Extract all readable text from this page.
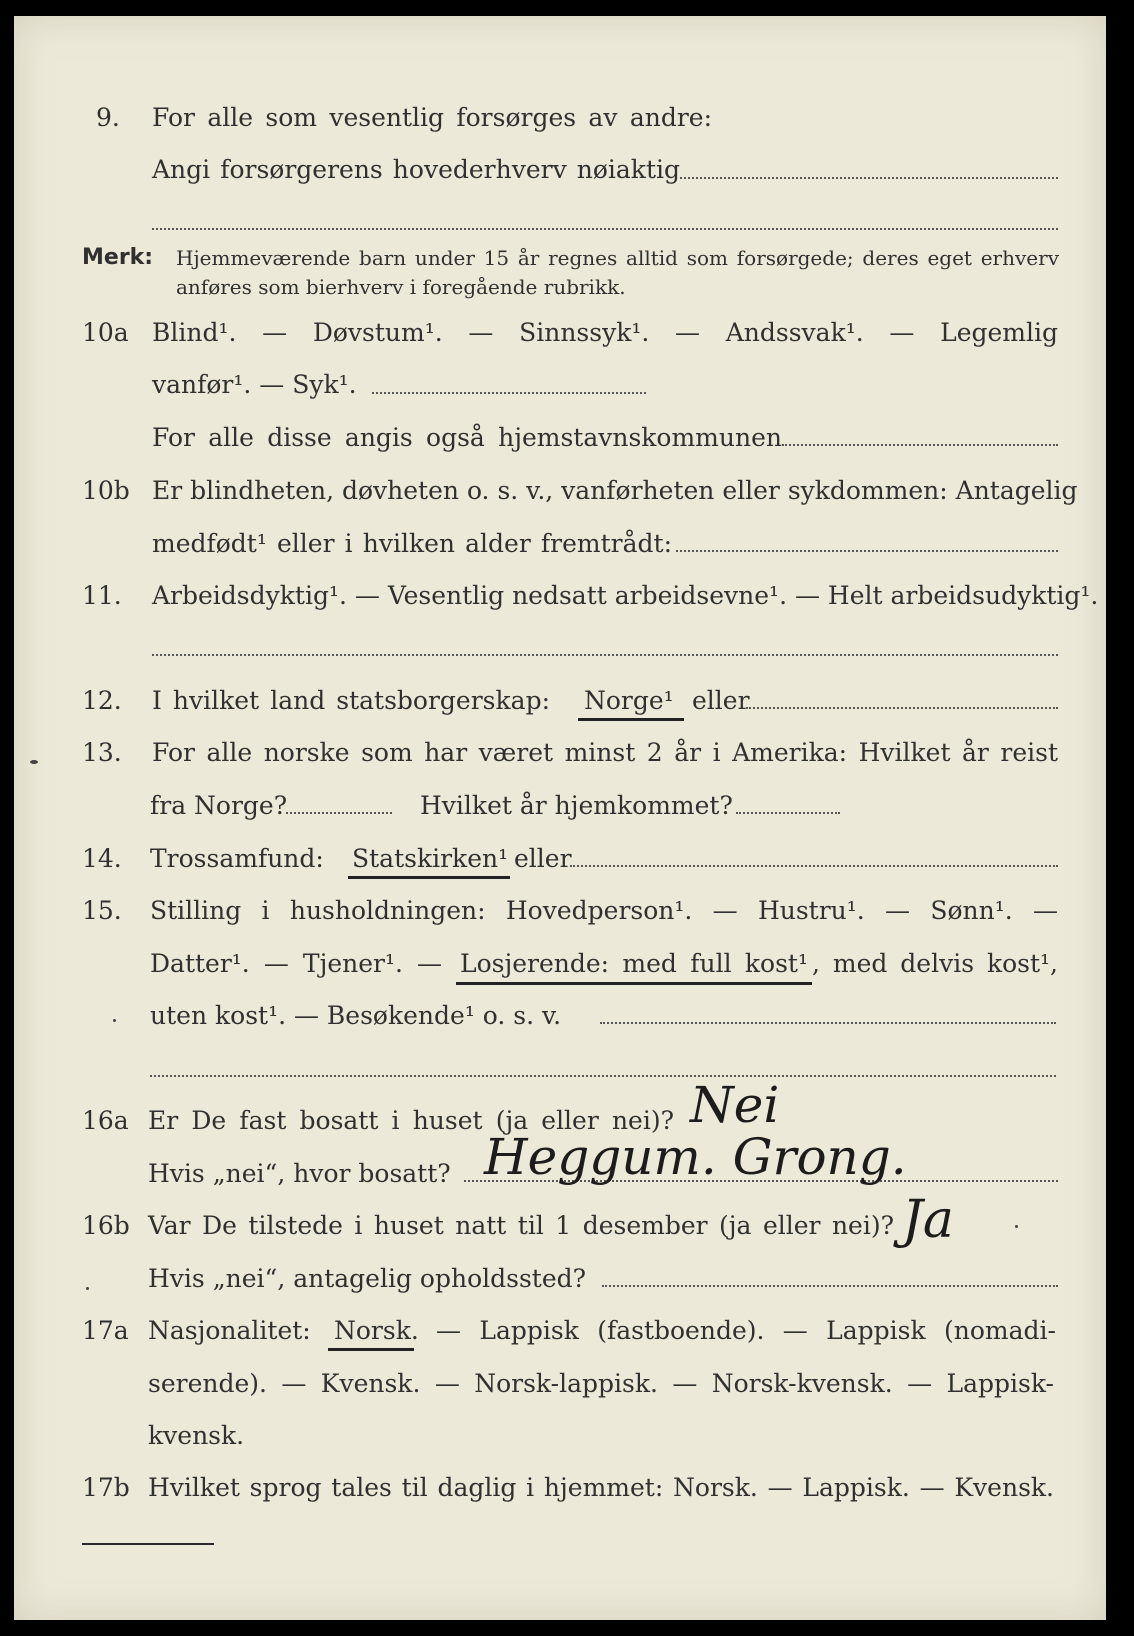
9. For alle som vesentlig forsørges av andre:
Angi forsørgerens hovederhverv nøiaktig
Merk: Hjemmeværende barn under 15 år regnes alltid som forsørgede; deres eget erhverv
anføres som bierhverv i foregående rubrikk.
10a Blind¹. — Døvstum¹. — Sinnssyk¹. — Andssvak¹. — Legemlig
vanfør¹. — Syk¹.
For alle disse angis også hjemstavnskommunen
10b Er blindheten, døvheten o. s. v., vanførheten eller sykdommen: Antagelig
medfødt¹ eller i hvilken alder fremtrådt:
11. Arbeidsdyktig¹. — Vesentlig nedsatt arbeidsevne¹. — Helt arbeidsudyktig¹.
12. I hvilket land statsborgerskap: Norge¹ eller
13. For alle norske som har været minst 2 år i Amerika: Hvilket år reist
fra Norge?	Hvilket år hjemkommet?
14. Trossamfund: Statskirken¹ eller
15. Stilling i husholdningen: Hovedperson¹. — Hustru¹. — Sønn¹. —
Datter¹. — Tjener¹. — Losjerende: med full kost¹ , med delvis kost¹,
uten kost¹. — Besøkende¹ o. s. v.
16a Er De fast bosatt i huset (ja eller nei)? Nei
Hvis „nei“, hvor bosatt? Heggum. Grong.
16b Var De tilstede i huset natt til 1 desember (ja eller nei)? Ja
Hvis „nei“, antagelig opholdssted?
17a Nasjonalitet: Norsk. — Lappisk (fastboende). — Lappisk (nomadi-
serende). — Kvensk. — Norsk-lappisk. — Norsk-kvensk. — Lappisk-
kvensk.
17b Hvilket sprog tales til daglig i hjemmet: Norsk. — Lappisk. — Kvensk.
